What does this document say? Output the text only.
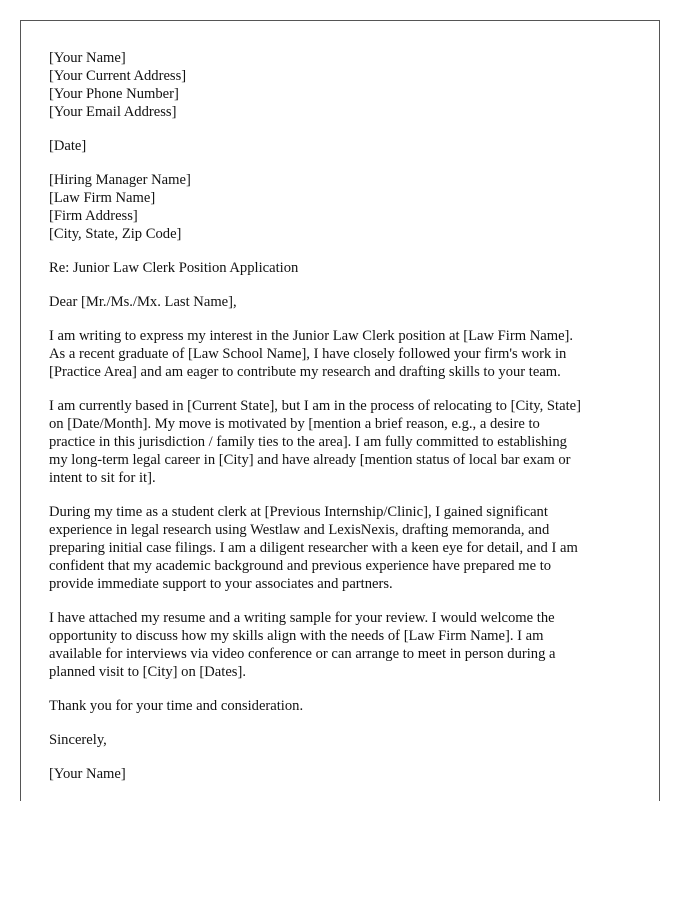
[Your Name]
[Your Current Address]
[Your Phone Number]
[Your Email Address]
[Date]
[Hiring Manager Name]
[Law Firm Name]
[Firm Address]
[City, State, Zip Code]
Re: Junior Law Clerk Position Application
Dear [Mr./Ms./Mx. Last Name],

I am writing to express my interest in the Junior Law Clerk position at [Law Firm Name].
As a recent graduate of [Law School Name], I have closely followed your firm's work in
[Practice Area] and am eager to contribute my research and drafting skills to your team.

I am currently based in [Current State], but I am in the process of relocating to [City, State]
on [Date/Month]. My move is motivated by [mention a brief reason, e.g., a desire to
practice in this jurisdiction / family ties to the area]. I am fully committed to establishing
my long-term legal career in [City] and have already [mention status of local bar exam or
intent to sit for it].

During my time as a student clerk at [Previous Internship/Clinic], I gained significant
experience in legal research using Westlaw and LexisNexis, drafting memoranda, and
preparing initial case filings. I am a diligent researcher with a keen eye for detail, and I am
confident that my academic background and previous experience have prepared me to
provide immediate support to your associates and partners.

I have attached my resume and a writing sample for your review. I would welcome the
opportunity to discuss how my skills align with the needs of [Law Firm Name]. I am
available for interviews via video conference or can arrange to meet in person during a
planned visit to [City] on [Dates].

Thank you for your time and consideration.

Sincerely,
[Your Name]
